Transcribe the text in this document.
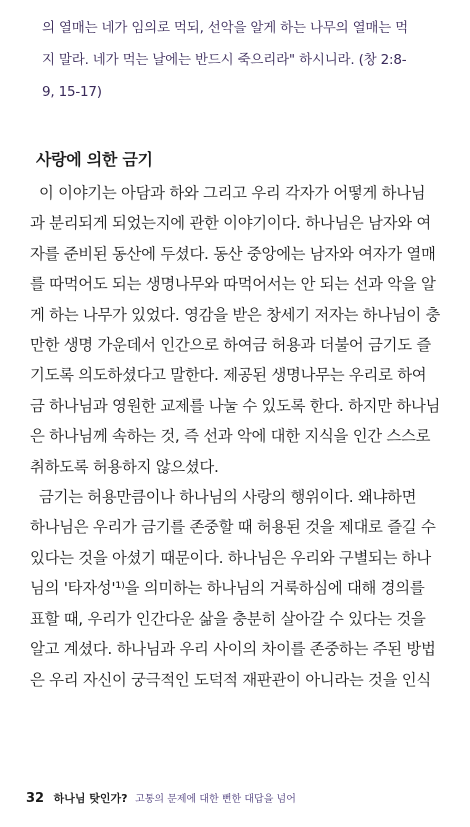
의 열매는 네가 임의로 먹되, 선악을 알게 하는 나무의 열매는 먹
지 말라. 네가 먹는 날에는 반드시 죽으리라" 하시니라. (창 2:8-
9, 15-17)
사랑에 의한 금기
이 이야기는 아담과 하와 그리고 우리 각자가 어떻게 하나님
과 분리되게 되었는지에 관한 이야기이다. 하나님은 남자와 여
자를 준비된 동산에 두셨다. 동산 중앙에는 남자와 여자가 열매
를 따먹어도 되는 생명나무와 따먹어서는 안 되는 선과 악을 알
게 하는 나무가 있었다. 영감을 받은 창세기 저자는 하나님이 충
만한 생명 가운데서 인간으로 하여금 허용과 더불어 금기도 즐
기도록 의도하셨다고 말한다. 제공된 생명나무는 우리로 하여
금 하나님과 영원한 교제를 나눌 수 있도록 한다. 하지만 하나님
은 하나님께 속하는 것, 즉 선과 악에 대한 지식을 인간 스스로
취하도록 허용하지 않으셨다.
금기는 허용만큼이나 하나님의 사랑의 행위이다. 왜냐하면
하나님은 우리가 금기를 존중할 때 허용된 것을 제대로 즐길 수
있다는 것을 아셨기 때문이다. 하나님은 우리와 구별되는 하나
님의 '타자성'¹⁾을 의미하는 하나님의 거룩하심에 대해 경의를
표할 때, 우리가 인간다운 삶을 충분히 살아갈 수 있다는 것을
알고 계셨다. 하나님과 우리 사이의 차이를 존중하는 주된 방법
은 우리 자신이 궁극적인 도덕적 재판관이 아니라는 것을 인식
32 하나님 탓인가? 고통의 문제에 대한 뻔한 대답을 넘어
